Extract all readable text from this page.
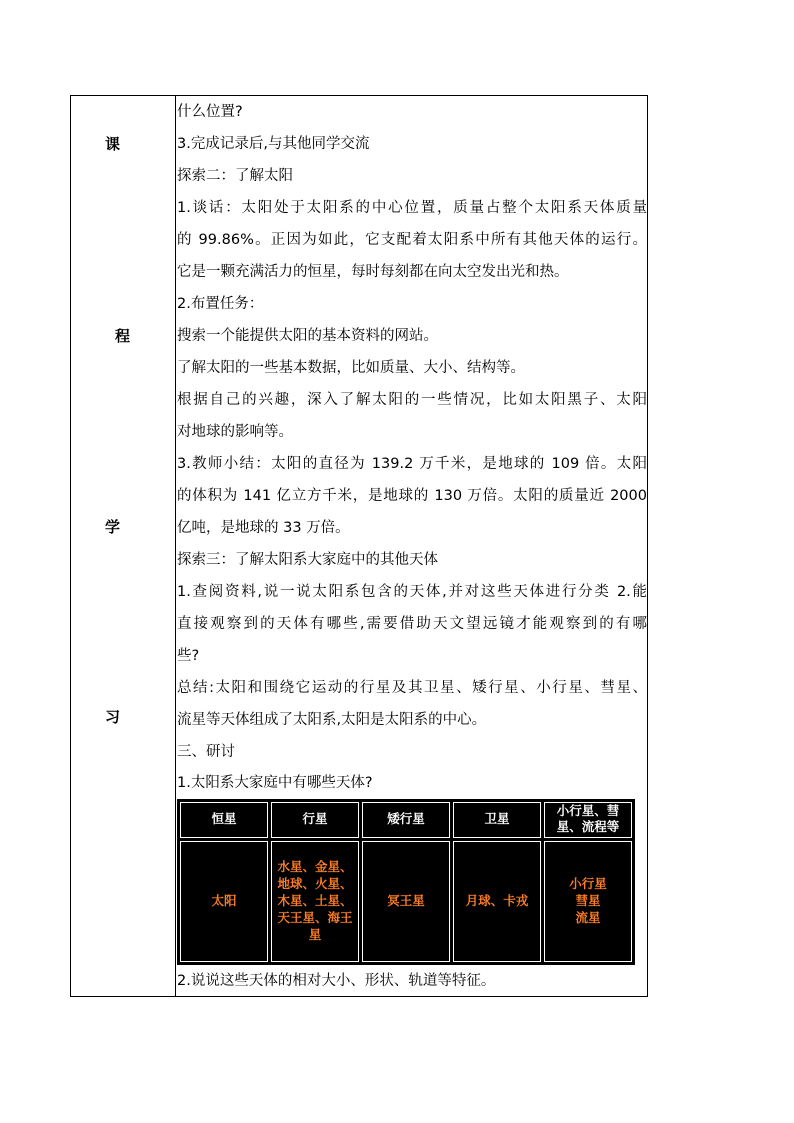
课
程
学
习
什么位置?
3.完成记录后,与其他同学交流
探索二：了解太阳
1.谈话：太阳处于太阳系的中心位置，质量占整个太阳系天体质量
的 99.86%。正因为如此，它支配着太阳系中所有其他天体的运行。
它是一颗充满活力的恒星，每时每刻都在向太空发出光和热。
2.布置任务：
搜索一个能提供太阳的基本资料的网站。
了解太阳的一些基本数据，比如质量、大小、结构等。
根据自己的兴趣，深入了解太阳的一些情况，比如太阳黑子、太阳
对地球的影响等。
3.教师小结：太阳的直径为 139.2 万千米，是地球的 109 倍。太阳
的体积为 141 亿立方千米，是地球的 130 万倍。太阳的质量近 2000
亿吨，是地球的 33 万倍。
探索三：了解太阳系大家庭中的其他天体
1.查阅资料,说一说太阳系包含的天体,并对这些天体进行分类 2.能
直接观察到的天体有哪些,需要借助天文望远镜才能观察到的有哪
些?
总结:太阳和围绕它运动的行星及其卫星、矮行星、小行星、彗星、
流星等天体组成了太阳系,太阳是太阳系的中心。
三、研讨
1.太阳系大家庭中有哪些天体?
恒星	行星	矮行星	卫星	小行星、彗星、流程等
太阳	水星、金星、地球、火星、木星、土星、天王星、海王星	冥王星	月球、卡戎	小行星
彗星
流星
2.说说这些天体的相对大小、形状、轨道等特征。
